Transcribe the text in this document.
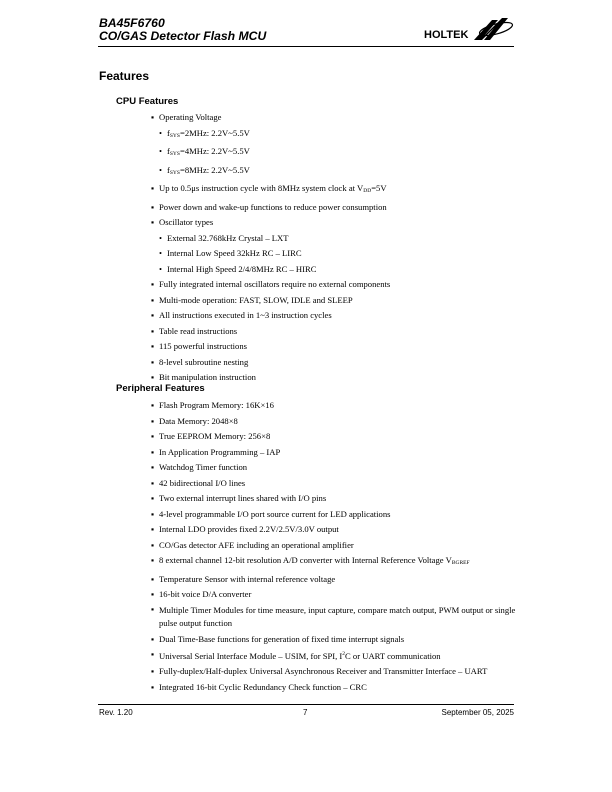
BA45F6760
CO/GAS Detector Flash MCU	HOLTEK
Features
CPU Features
▪ Operating Voltage
• $f_{SYS}=2MHz$: 2.2V~5.5V
• $f_{SYS}=4MHz$: 2.2V~5.5V
• $f_{SYS}=8MHz$: 2.2V~5.5V
▪ Up to 0.5μs instruction cycle with 8MHz system clock at $V_{DD}=5V$
▪ Power down and wake-up functions to reduce power consumption
▪ Oscillator types
• External 32.768kHz Crystal – LXT
• Internal Low Speed 32kHz RC – LIRC
• Internal High Speed 2/4/8MHz RC – HIRC
▪ Fully integrated internal oscillators require no external components
▪ Multi-mode operation: FAST, SLOW, IDLE and SLEEP
▪ All instructions executed in 1~3 instruction cycles
▪ Table read instructions
▪ 115 powerful instructions
▪ 8-level subroutine nesting
▪ Bit manipulation instruction
Peripheral Features
▪ Flash Program Memory: 16K×16
▪ Data Memory: 2048×8
▪ True EEPROM Memory: 256×8
▪ In Application Programming – IAP
▪ Watchdog Timer function
▪ 42 bidirectional I/O lines
▪ Two external interrupt lines shared with I/O pins
▪ 4-level programmable I/O port source current for LED applications
▪ Internal LDO provides fixed 2.2V/2.5V/3.0V output
▪ CO/Gas detector AFE including an operational amplifier
▪ 8 external channel 12-bit resolution A/D converter with Internal Reference Voltage $V_{BGREF}$
▪ Temperature Sensor with internal reference voltage
▪ 16-bit voice D/A converter
▪ Multiple Timer Modules for time measure, input capture, compare match output, PWM output or single pulse output function
▪ Dual Time-Base functions for generation of fixed time interrupt signals
▪ Universal Serial Interface Module – USIM, for SPI, $I^2C$ or UART communication
▪ Fully-duplex/Half-duplex Universal Asynchronous Receiver and Transmitter Interface – UART
▪ Integrated 16-bit Cyclic Redundancy Check function – CRC
Rev. 1.20	7	September 05, 2025
